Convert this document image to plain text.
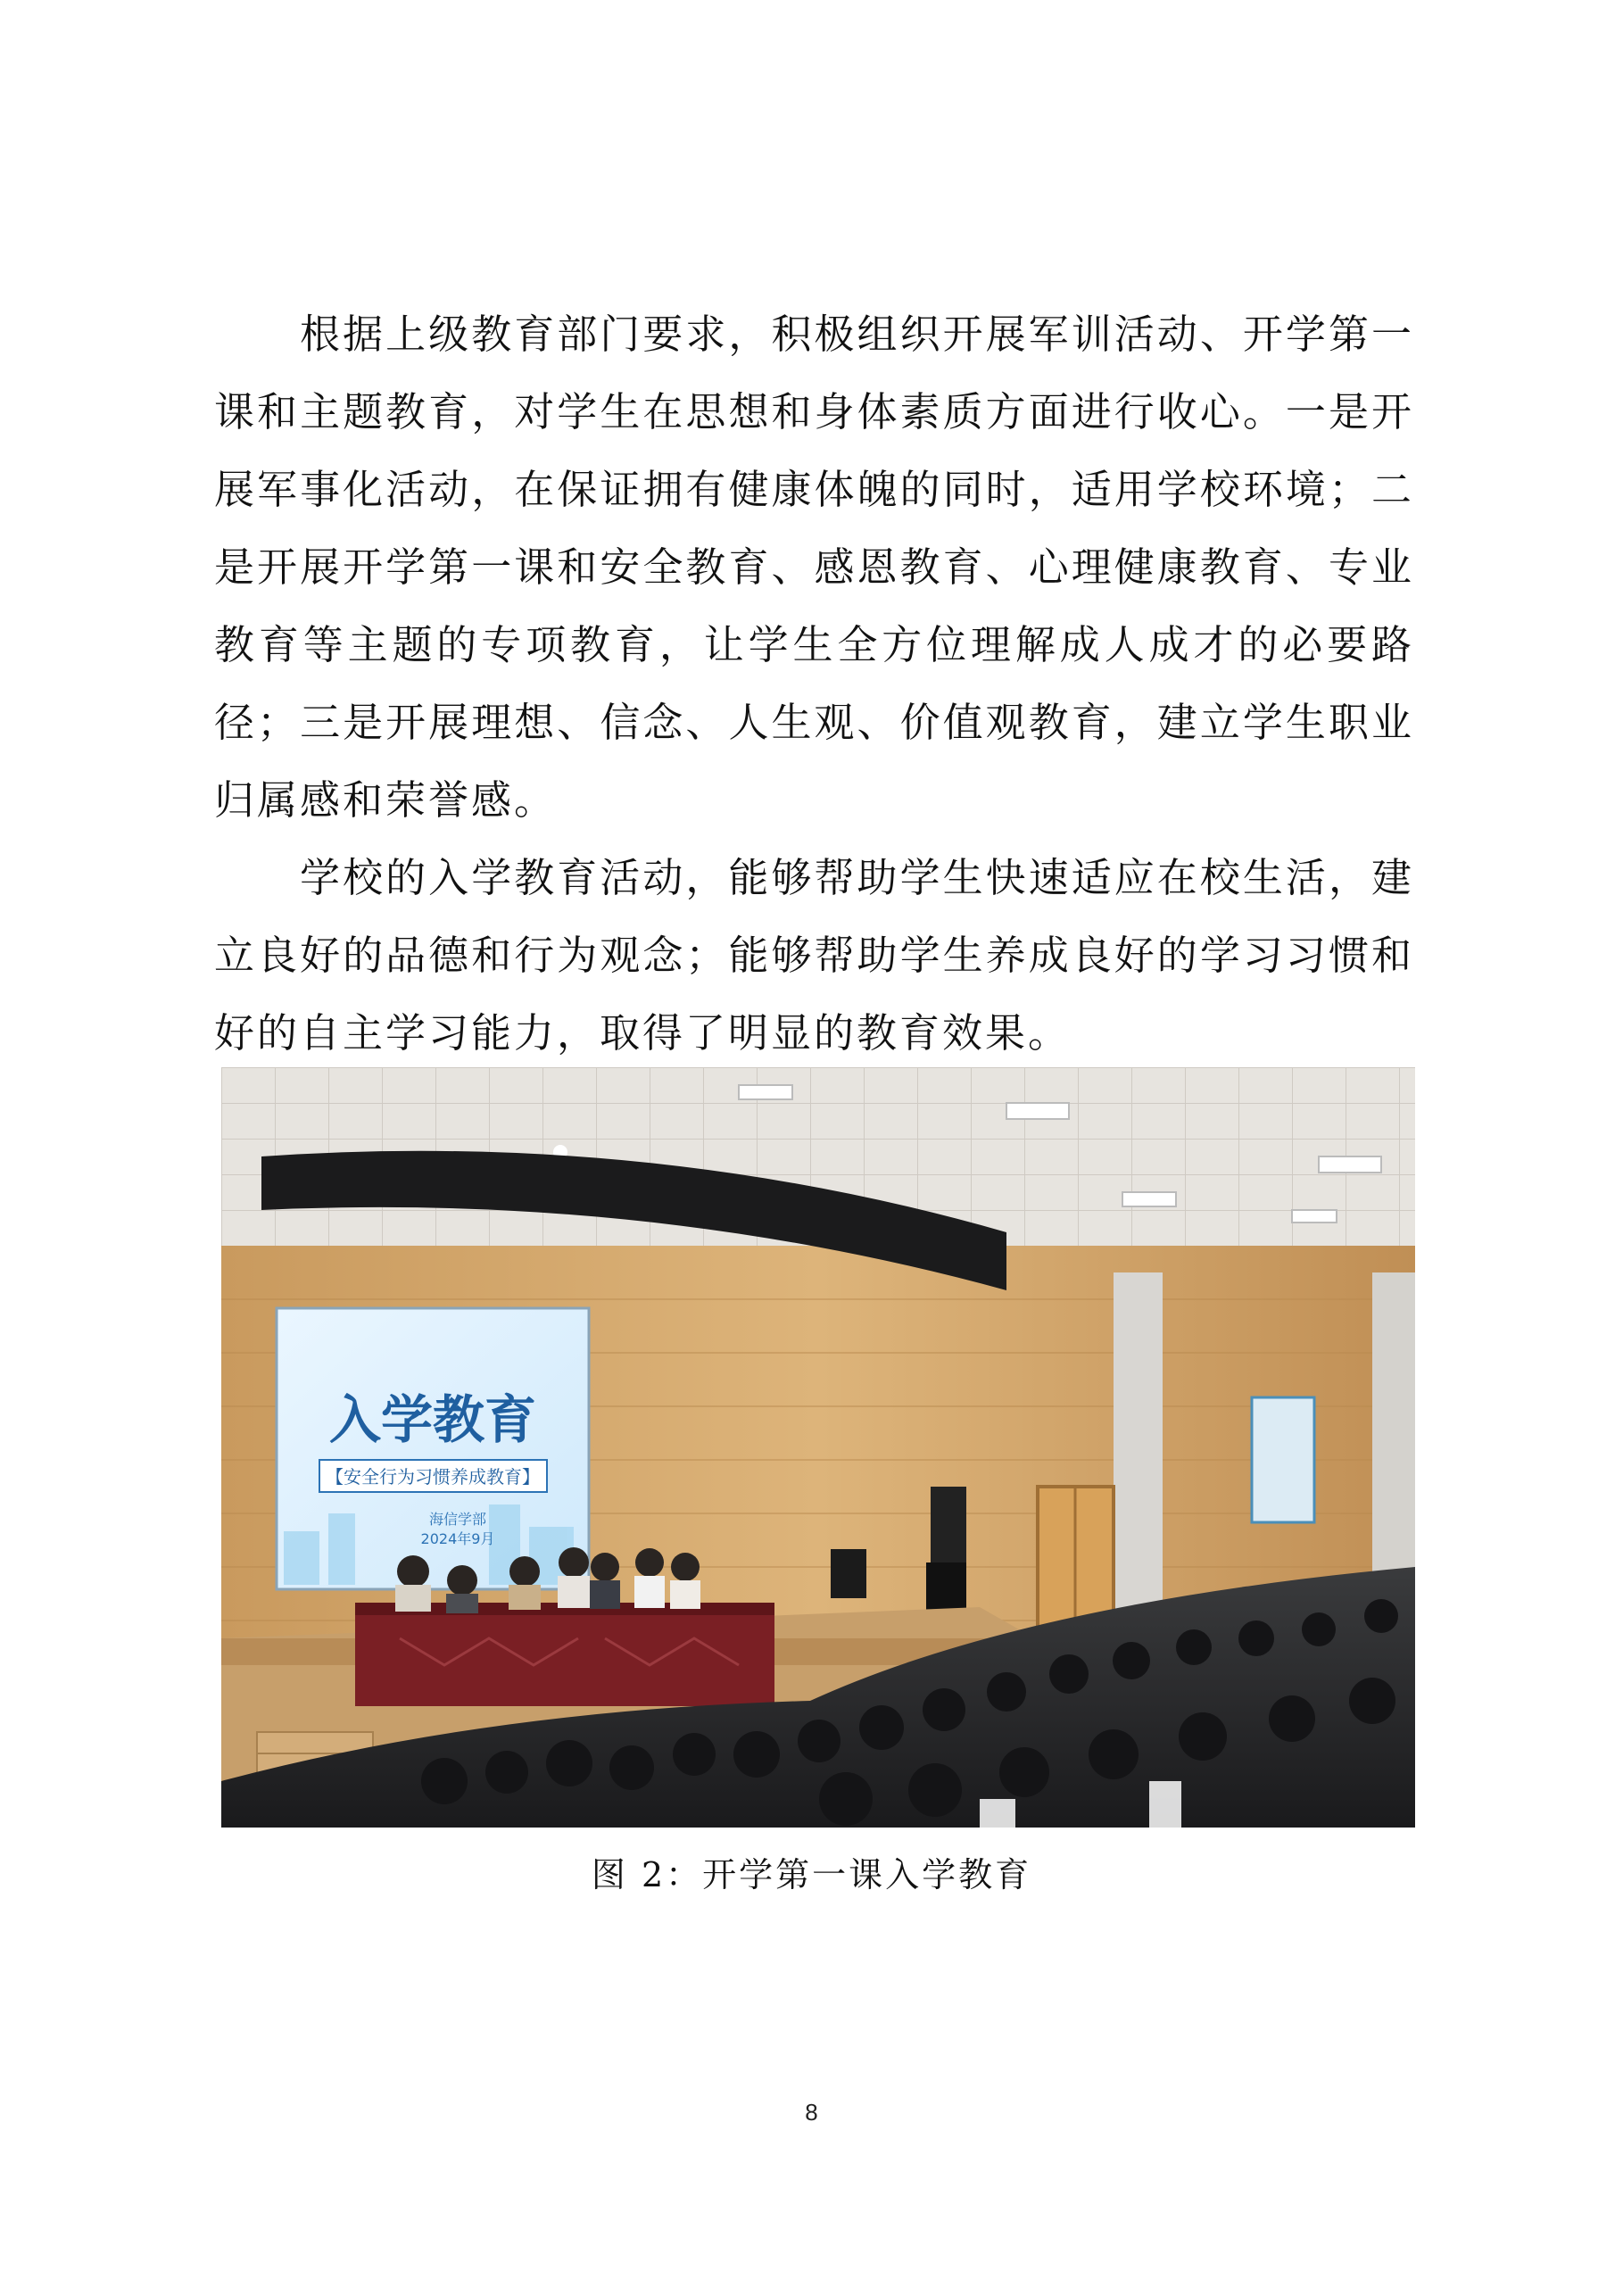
根据上级教育部门要求，积极组织开展军训活动、开学第一课和主题教育，对学生在思想和身体素质方面进行收心。一是开展军事化活动，在保证拥有健康体魄的同时，适用学校环境；二是开展开学第一课和安全教育、感恩教育、心理健康教育、专业教育等主题的专项教育，让学生全方位理解成人成才的必要路径；三是开展理想、信念、人生观、价值观教育，建立学生职业归属感和荣誉感。

学校的入学教育活动，能够帮助学生快速适应在校生活，建立良好的品德和行为观念；能够帮助学生养成良好的学习习惯和好的自主学习能力，取得了明显的教育效果。

入学教育
【安全行为习惯养成教育】
海信学部
2024年9月
图 2：开学第一课入学教育
8
